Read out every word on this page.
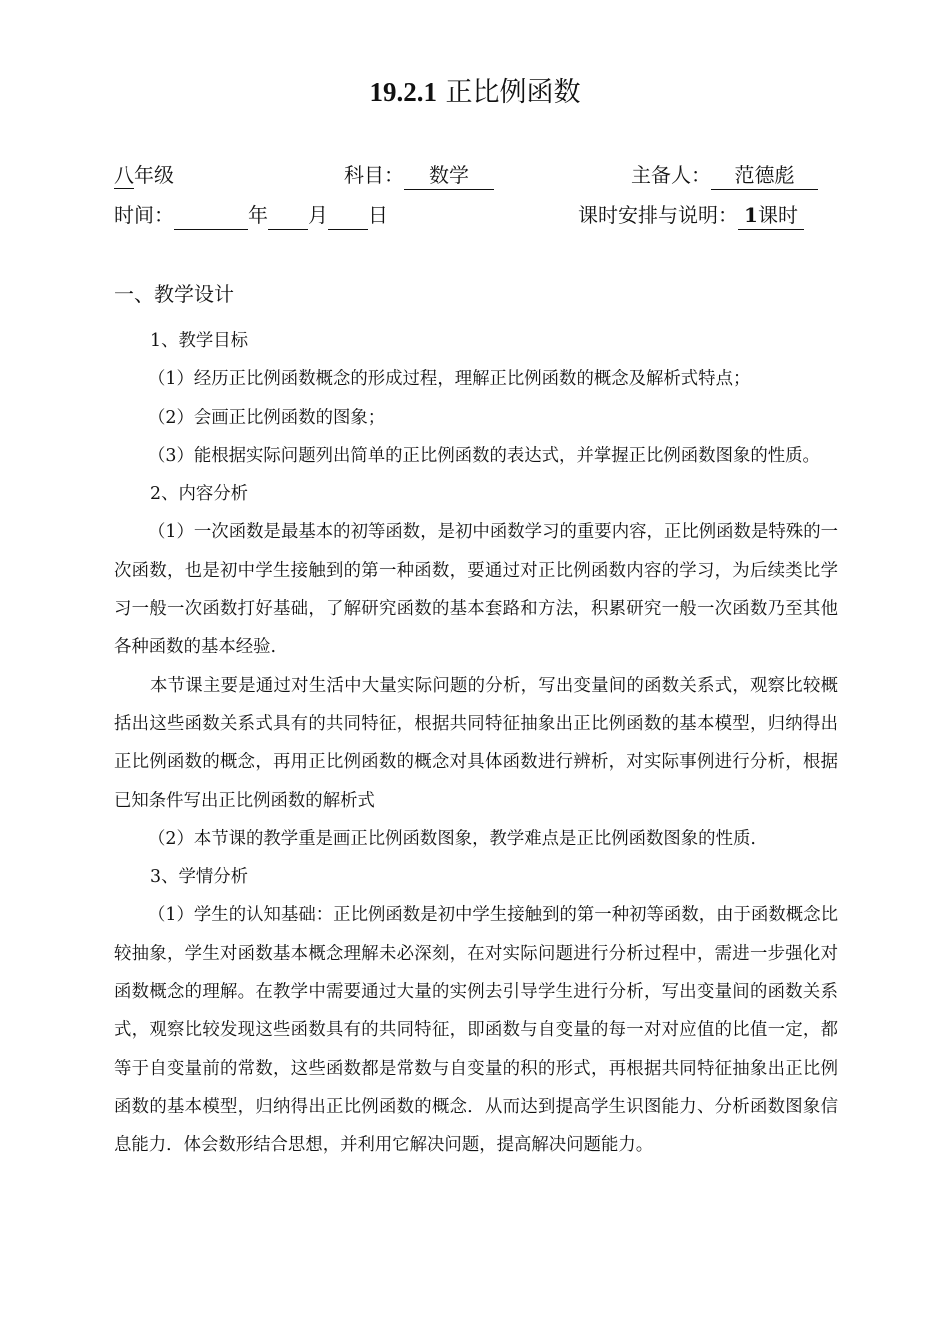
19.2.1 正比例函数
八年级	科目： 数学	主备人： 范德彪
时间：	年 月 日	课时安排与说明： 1课时
一、教学设计

1、教学目标

（1）经历正比例函数概念的形成过程，理解正比例函数的概念及解析式特点；

（2）会画正比例函数的图象；

（3）能根据实际问题列出简单的正比例函数的表达式，并掌握正比例函数图象的性质。

2、内容分析

（1）一次函数是最基本的初等函数，是初中函数学习的重要内容，正比例函数是特殊的一次函数，也是初中学生接触到的第一种函数，要通过对正比例函数内容的学习，为后续类比学习一般一次函数打好基础，了解研究函数的基本套路和方法，积累研究一般一次函数乃至其他各种函数的基本经验.

本节课主要是通过对生活中大量实际问题的分析，写出变量间的函数关系式，观察比较概括出这些函数关系式具有的共同特征，根据共同特征抽象出正比例函数的基本模型，归纳得出正比例函数的概念，再用正比例函数的概念对具体函数进行辨析，对实际事例进行分析，根据已知条件写出正比例函数的解析式

（2）本节课的教学重是画正比例函数图象，教学难点是正比例函数图象的性质.

3、学情分析

（1）学生的认知基础：正比例函数是初中学生接触到的第一种初等函数，由于函数概念比较抽象，学生对函数基本概念理解未必深刻，在对实际问题进行分析过程中，需进一步强化对函数概念的理解。在教学中需要通过大量的实例去引导学生进行分析，写出变量间的函数关系式，观察比较发现这些函数具有的共同特征，即函数与自变量的每一对对应值的比值一定，都等于自变量前的常数，这些函数都是常数与自变量的积的形式，再根据共同特征抽象出正比例函数的基本模型，归纳得出正比例函数的概念．从而达到提高学生识图能力、分析函数图象信息能力．体会数形结合思想，并利用它解决问题，提高解决问题能力。
